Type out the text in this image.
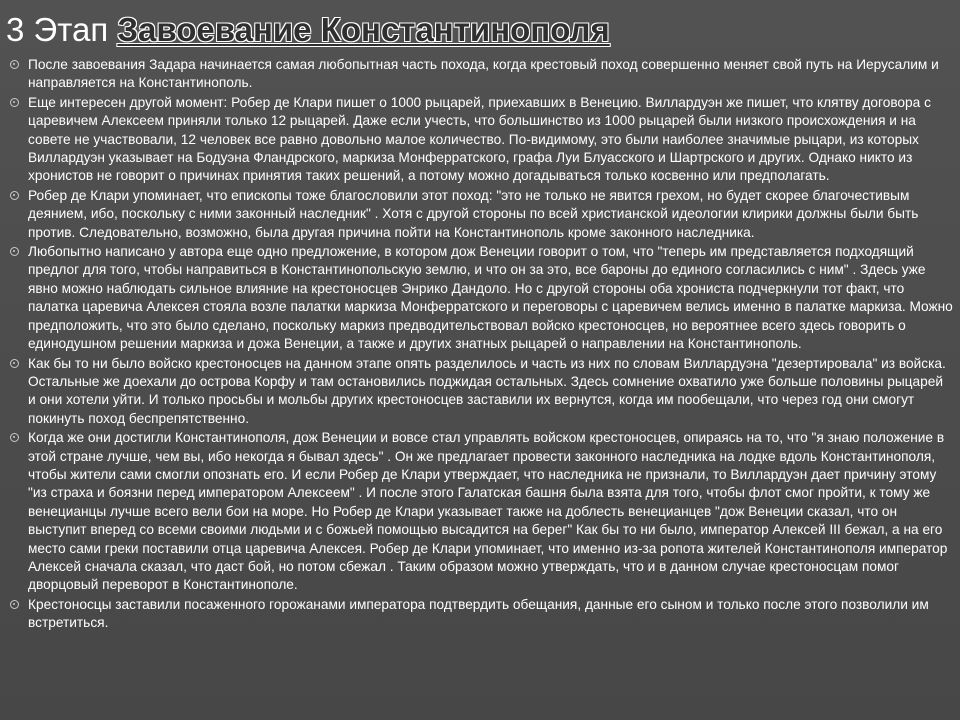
3 Этап Завоевание Константинополя
После завоевания Задара начинается самая любопытная часть похода, когда крестовый поход совершенно меняет свой путь на Иерусалим и направляется на Константинополь.
Еще интересен другой момент: Робер де Клари пишет о 1000 рыцарей, приехавших в Венецию. Виллардуэн же пишет, что клятву договора с царевичем Алексеем приняли только 12 рыцарей. Даже если учесть, что большинство из 1000 рыцарей были низкого происхождения и на совете не участвовали, 12 человек все равно довольно малое количество. По-видимому, это были наиболее значимые рыцари, из которых Виллардуэн указывает на Бодуэна Фландрского, маркиза Монферратского, графа Луи Блуасского и Шартрского и других. Однако никто из хронистов не говорит о причинах принятия таких решений, а потому можно догадываться только косвенно или предполагать.
Робер де Клари упоминает, что епископы тоже благословили этот поход: "это не только не явится грехом, но будет скорее благочестивым деянием, ибо, поскольку с ними законный наследник" . Хотя с другой стороны по всей христианской идеологии клирики должны были быть против. Следовательно, возможно, была другая причина пойти на Константинополь кроме законного наследника.
Любопытно написано у автора еще одно предложение, в котором дож Венеции говорит о том, что "теперь им представляется подходящий предлог для того, чтобы направиться в Константинопольскую землю, и что он за это, все бароны до единого согласились с ним" . Здесь уже явно можно наблюдать сильное влияние на крестоносцев Энрико Дандоло. Но с другой стороны оба хрониста подчеркнули тот факт, что палатка царевича Алексея стояла возле палатки маркиза Монферратского и переговоры с царевичем велись именно в палатке маркиза. Можно предположить, что это было сделано, поскольку маркиз предводительствовал войско крестоносцев, но вероятнее всего здесь говорить о единодушном решении маркиза и дожа Венеции, а также и других знатных рыцарей о направлении на Константинополь.
Как бы то ни было войско крестоносцев на данном этапе опять разделилось и часть из них по словам Виллардуэна "дезертировала" из войска. Остальные же доехали до острова Корфу и там остановились поджидая остальных. Здесь сомнение охватило уже больше половины рыцарей и они хотели уйти. И только просьбы и мольбы других крестоносцев заставили их вернутся, когда им пообещали, что через год они смогут покинуть поход беспрепятственно.
Когда же они достигли Константинополя, дож Венеции и вовсе стал управлять войском крестоносцев, опираясь на то, что "я знаю положение в этой стране лучше, чем вы, ибо некогда я бывал здесь" . Он же предлагает провести законного наследника на лодке вдоль Константинополя, чтобы жители сами смогли опознать его. И если Робер де Клари утверждает, что наследника не признали, то Виллардуэн дает причину этому "из страха и боязни перед императором Алексеем" . И после этого Галатская башня была взята для того, чтобы флот смог пройти, к тому же венецианцы лучше всего вели бои на море. Но Робер де Клари указывает также на доблесть венецианцев "дож Венеции сказал, что он выступит вперед со всеми своими людьми и с божьей помощью высадится на берег" Как бы то ни было, император Алексей III бежал, а на его место сами греки поставили отца царевича Алексея. Робер де Клари упоминает, что именно из-за ропота жителей Константинополя император Алексей сначала сказал, что даст бой, но потом сбежал . Таким образом можно утверждать, что и в данном случае крестоносцам помог дворцовый переворот в Константинополе.
Крестоносцы заставили посаженного горожанами императора подтвердить обещания, данные его сыном и только после этого позволили им встретиться.
